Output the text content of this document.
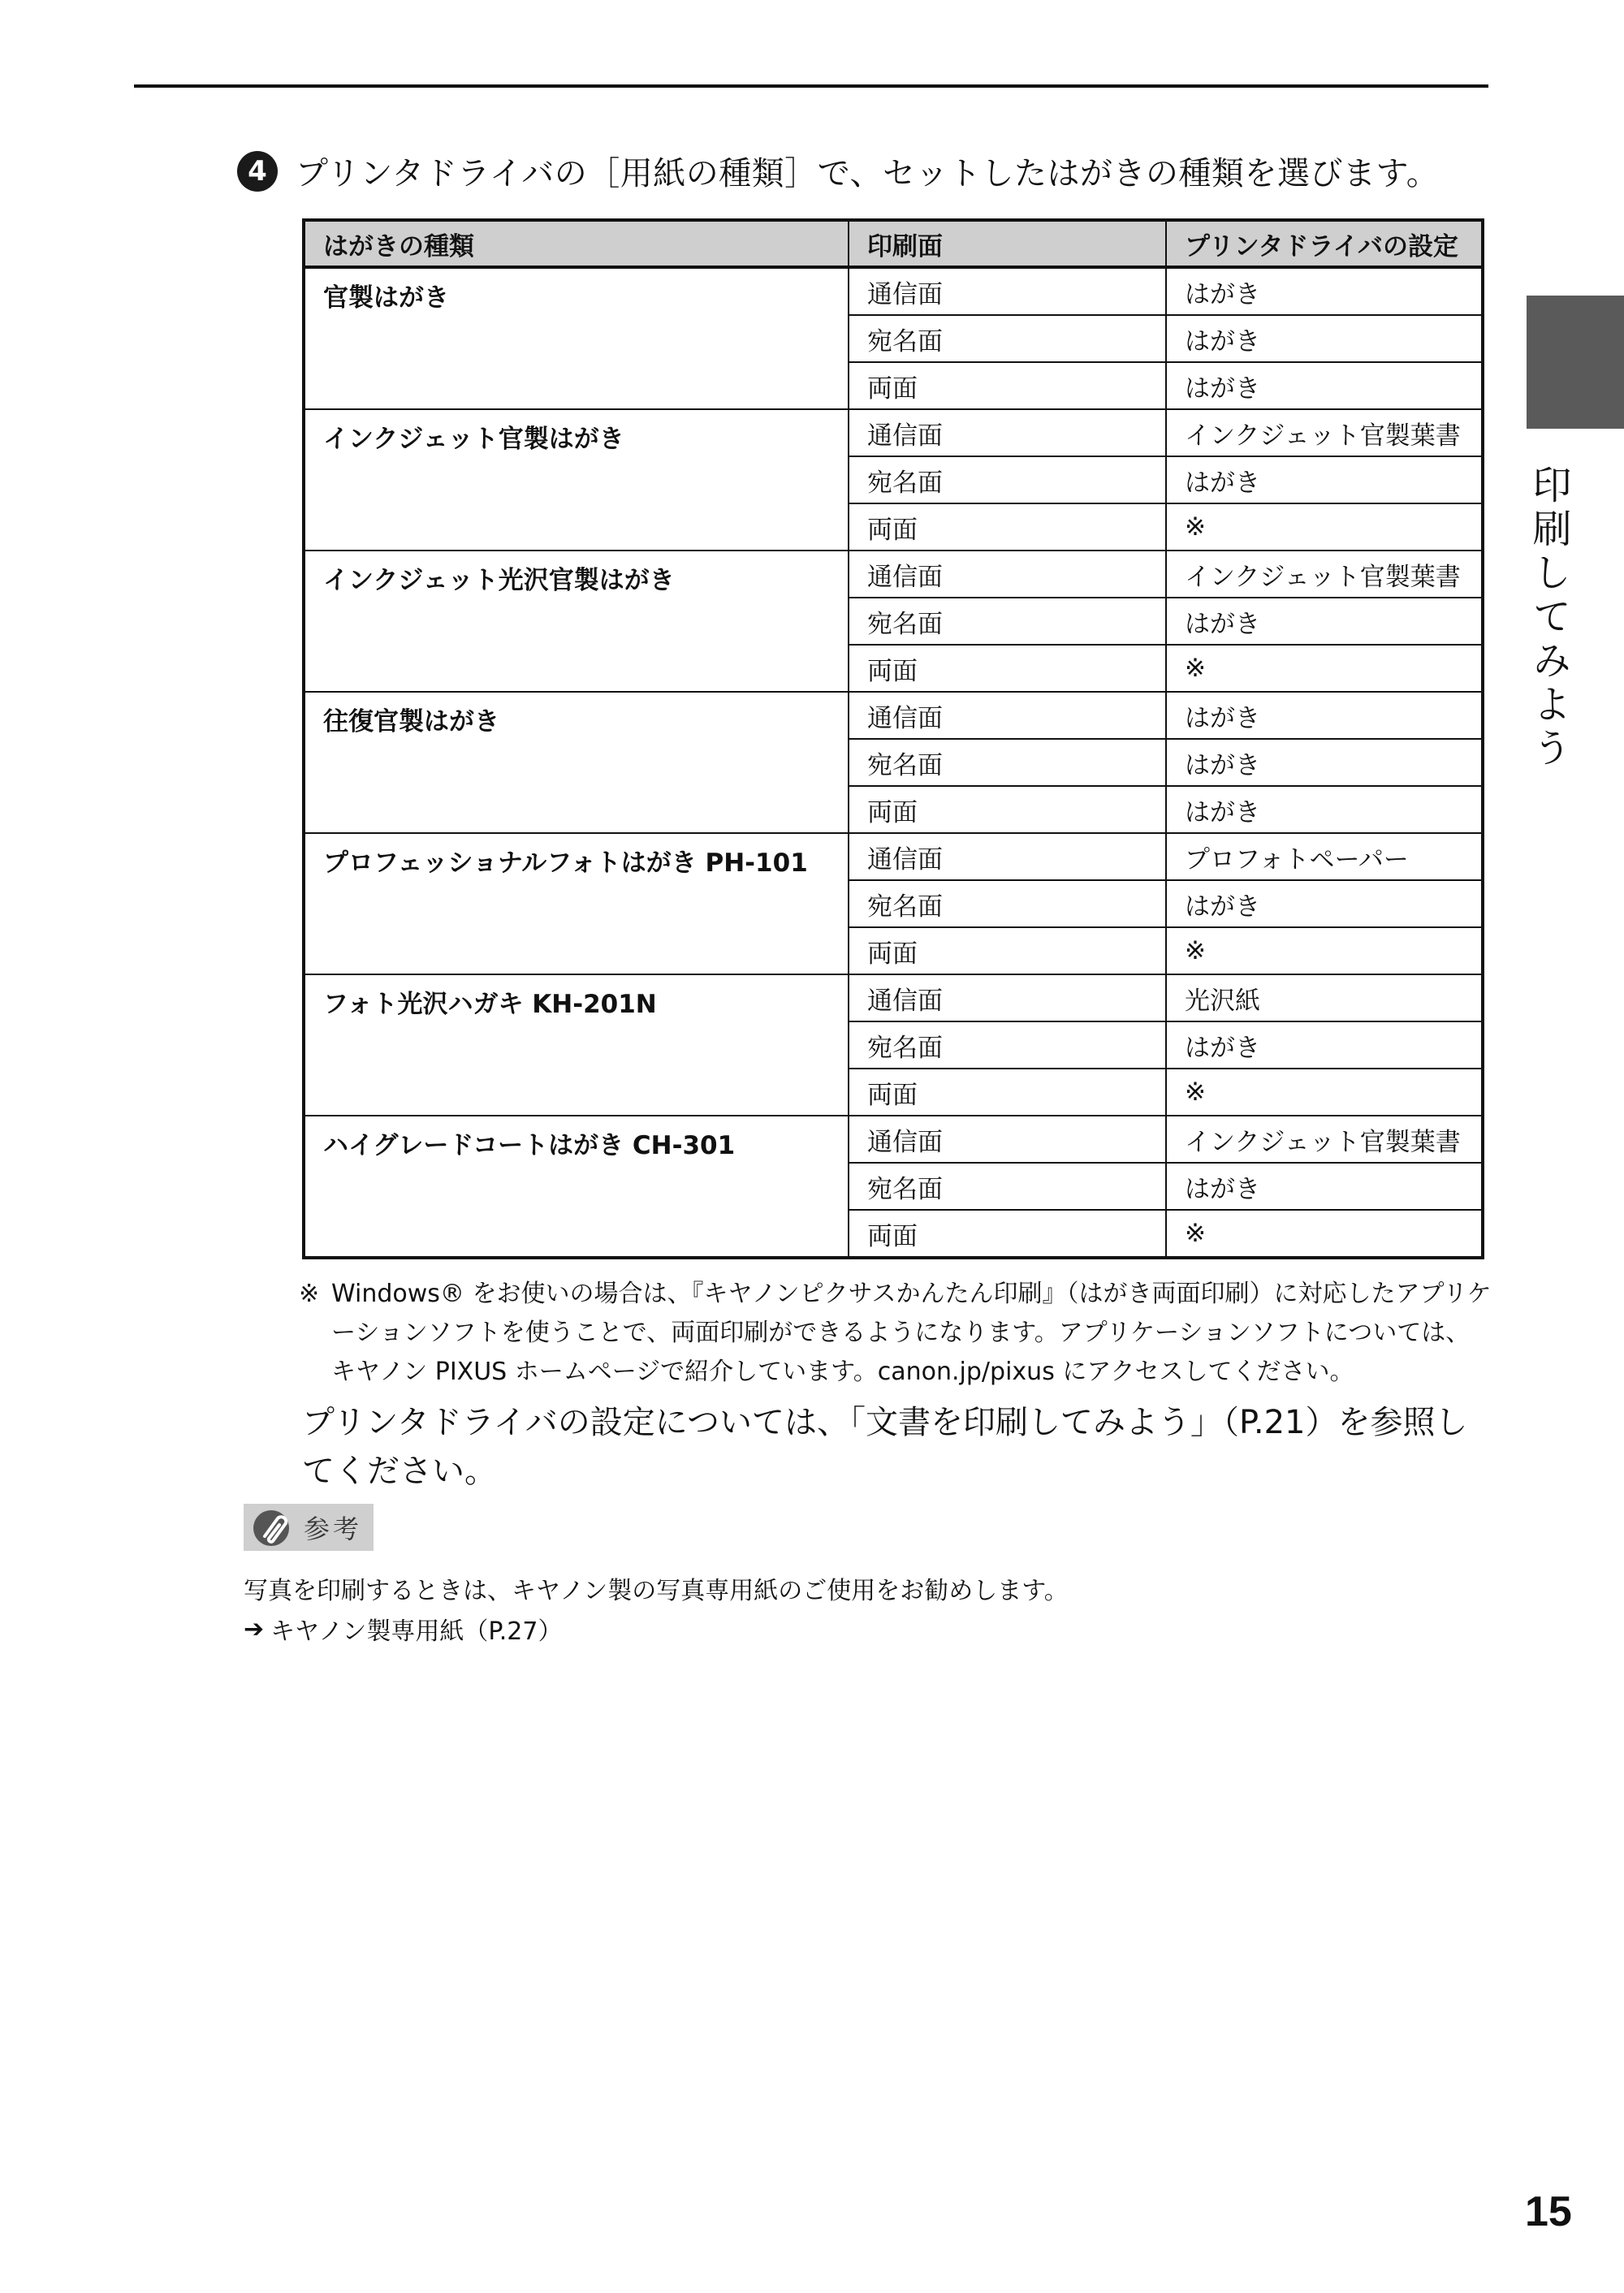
4 プリンタドライバの［用紙の種類］で、セットしたはがきの種類を選びます。
はがきの種類	印刷面	プリンタドライバの設定
官製はがき	通信面	はがき
	宛名面	はがき
	両面	はがき
インクジェット官製はがき	通信面	インクジェット官製葉書
	宛名面	はがき
	両面	※
インクジェット光沢官製はがき	通信面	インクジェット官製葉書
	宛名面	はがき
	両面	※
往復官製はがき	通信面	はがき
	宛名面	はがき
	両面	はがき
プロフェッショナルフォトはがき PH-101	通信面	プロフォトペーパー
	宛名面	はがき
	両面	※
フォト光沢ハガキ KH-201N	通信面	光沢紙
	宛名面	はがき
	両面	※
ハイグレードコートはがき CH-301	通信面	インクジェット官製葉書
	宛名面	はがき
	両面	※
※ Windows® をお使いの場合は、『キヤノンピクサスかんたん印刷』（はがき両面印刷）に対応したアプリケーションソフトを使うことで、両面印刷ができるようになります。アプリケーションソフトについては、キヤノン PIXUS ホームページで紹介しています。canon.jp/pixus にアクセスしてください。
プリンタドライバの設定については、「文書を印刷してみよう」（P.21）を参照してください。
参考
写真を印刷するときは、キヤノン製の写真専用紙のご使用をお勧めします。
➔ キヤノン製専用紙（P.27）
印刷してみよう
15
